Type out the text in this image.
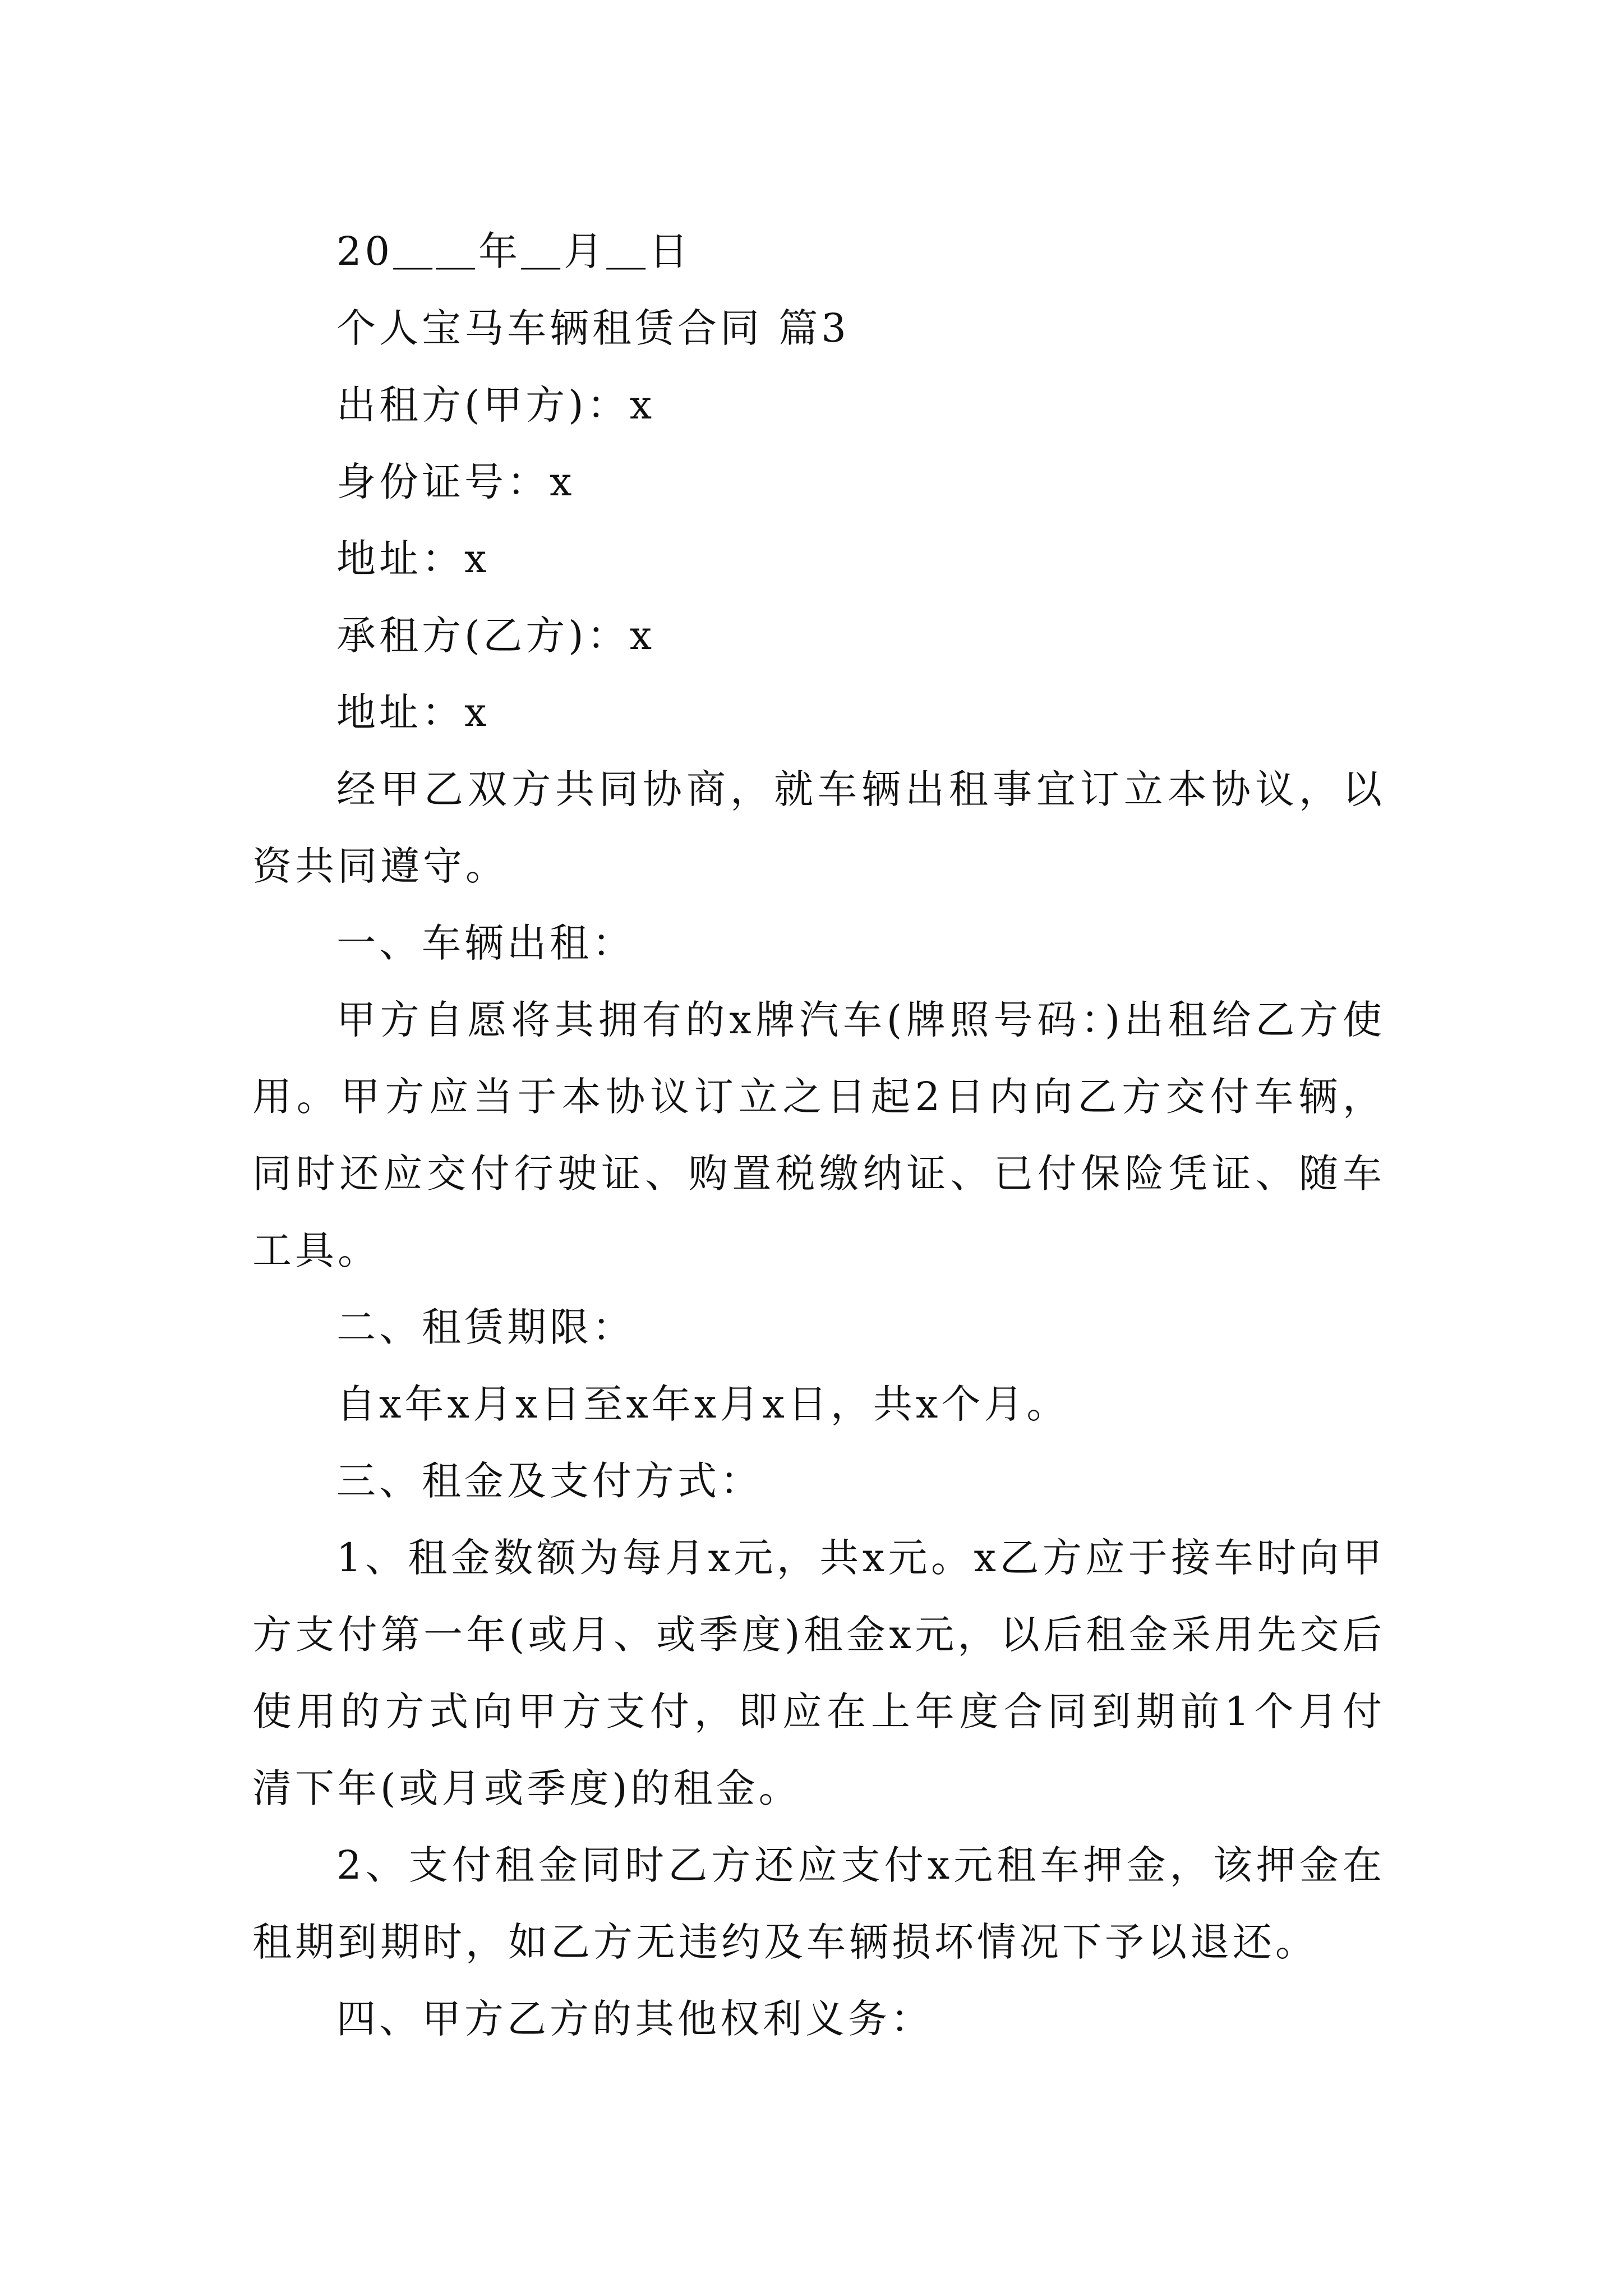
20＿＿年＿月＿日
个人宝马车辆租赁合同 篇3
出租方(甲方)：x
身份证号：x
地址：x
承租方(乙方)：x
地址：x
经甲乙双方共同协商，就车辆出租事宜订立本协议，以资共同遵守。
一、车辆出租：
甲方自愿将其拥有的x牌汽车(牌照号码：)出租给乙方使用。甲方应当于本协议订立之日起2日内向乙方交付车辆，同时还应交付行驶证、购置税缴纳证、已付保险凭证、随车工具。
二、租赁期限：
自x年x月x日至x年x月x日，共x个月。
三、租金及支付方式：
1、租金数额为每月x元，共x元。x乙方应于接车时向甲方支付第一年(或月、或季度)租金x元，以后租金采用先交后使用的方式向甲方支付，即应在上年度合同到期前1个月付清下年(或月或季度)的租金。
2、支付租金同时乙方还应支付x元租车押金，该押金在租期到期时，如乙方无违约及车辆损坏情况下予以退还。
四、甲方乙方的其他权利义务：
